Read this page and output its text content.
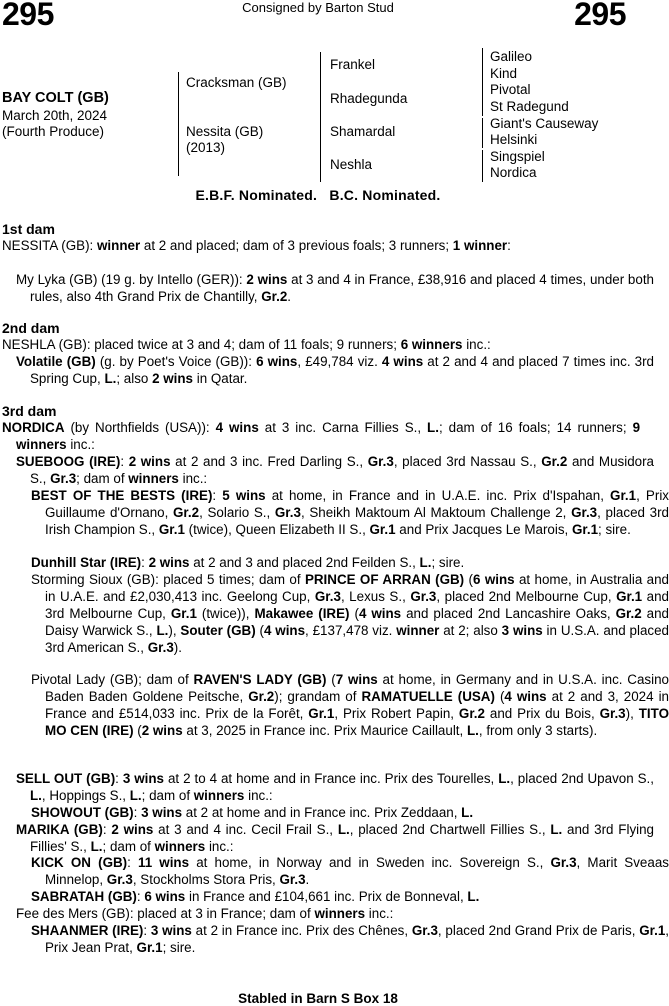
295	295
Consigned by Barton Stud
BAY COLT (GB)
March 20th, 2024
(Fourth Produce)
Cracksman (GB)
Nessita (GB)
(2013)
Frankel
Rhadegunda
Shamardal
Neshla
Galileo
Kind
Pivotal
St Radegund
Giant's Causeway
Helsinki
Singspiel
Nordica
E.B.F. Nominated.   B.C. Nominated.
1st dam
NESSITA (GB): winner at 2 and placed; dam of 3 previous foals; 3 runners; 1 winner:
My Lyka (GB) (19 g. by Intello (GER)): 2 wins at 3 and 4 in France, £38,916 and placed 4 times, under both rules, also 4th Grand Prix de Chantilly, Gr.2.
2nd dam
NESHLA (GB): placed twice at 3 and 4; dam of 11 foals; 9 runners; 6 winners inc.:
Volatile (GB) (g. by Poet's Voice (GB)): 6 wins, £49,784 viz. 4 wins at 2 and 4 and placed 7 times inc. 3rd Spring Cup, L.; also 2 wins in Qatar.
3rd dam
NORDICA (by Northfields (USA)): 4 wins at 3 inc. Carna Fillies S., L.; dam of 16 foals; 14 runners; 9 winners inc.:
SUEBOOG (IRE): 2 wins at 2 and 3 inc. Fred Darling S., Gr.3, placed 3rd Nassau S., Gr.2 and Musidora S., Gr.3; dam of winners inc.:
BEST OF THE BESTS (IRE): 5 wins at home, in France and in U.A.E. inc. Prix d'Ispahan, Gr.1, Prix Guillaume d'Ornano, Gr.2, Solario S., Gr.3, Sheikh Maktoum Al Maktoum Challenge 2, Gr.3, placed 3rd Irish Champion S., Gr.1 (twice), Queen Elizabeth II S., Gr.1 and Prix Jacques Le Marois, Gr.1; sire.
Dunhill Star (IRE): 2 wins at 2 and 3 and placed 2nd Feilden S., L.; sire.
Storming Sioux (GB): placed 5 times; dam of PRINCE OF ARRAN (GB) (6 wins at home, in Australia and in U.A.E. and £2,030,413 inc. Geelong Cup, Gr.3, Lexus S., Gr.3, placed 2nd Melbourne Cup, Gr.1 and 3rd Melbourne Cup, Gr.1 (twice)), Makawee (IRE) (4 wins and placed 2nd Lancashire Oaks, Gr.2 and Daisy Warwick S., L.), Souter (GB) (4 wins, £137,478 viz. winner at 2; also 3 wins in U.S.A. and placed 3rd American S., Gr.3).
Pivotal Lady (GB); dam of RAVEN'S LADY (GB) (7 wins at home, in Germany and in U.S.A. inc. Casino Baden Baden Goldene Peitsche, Gr.2); grandam of RAMATUELLE (USA) (4 wins at 2 and 3, 2024 in France and £514,033 inc. Prix de la Forêt, Gr.1, Prix Robert Papin, Gr.2 and Prix du Bois, Gr.3), TITO MO CEN (IRE) (2 wins at 3, 2025 in France inc. Prix Maurice Caillault, L., from only 3 starts).
SELL OUT (GB): 3 wins at 2 to 4 at home and in France inc. Prix des Tourelles, L., placed 2nd Upavon S., L., Hoppings S., L.; dam of winners inc.:
SHOWOUT (GB): 3 wins at 2 at home and in France inc. Prix Zeddaan, L.
MARIKA (GB): 2 wins at 3 and 4 inc. Cecil Frail S., L., placed 2nd Chartwell Fillies S., L. and 3rd Flying Fillies' S., L.; dam of winners inc.:
KICK ON (GB): 11 wins at home, in Norway and in Sweden inc. Sovereign S., Gr.3, Marit Sveaas Minnelop, Gr.3, Stockholms Stora Pris, Gr.3.
SABRATAH (GB): 6 wins in France and £104,661 inc. Prix de Bonneval, L.
Fee des Mers (GB): placed at 3 in France; dam of winners inc.:
SHAANMER (IRE): 3 wins at 2 in France inc. Prix des Chênes, Gr.3, placed 2nd Grand Prix de Paris, Gr.1, Prix Jean Prat, Gr.1; sire.
Stabled in Barn S Box 18
